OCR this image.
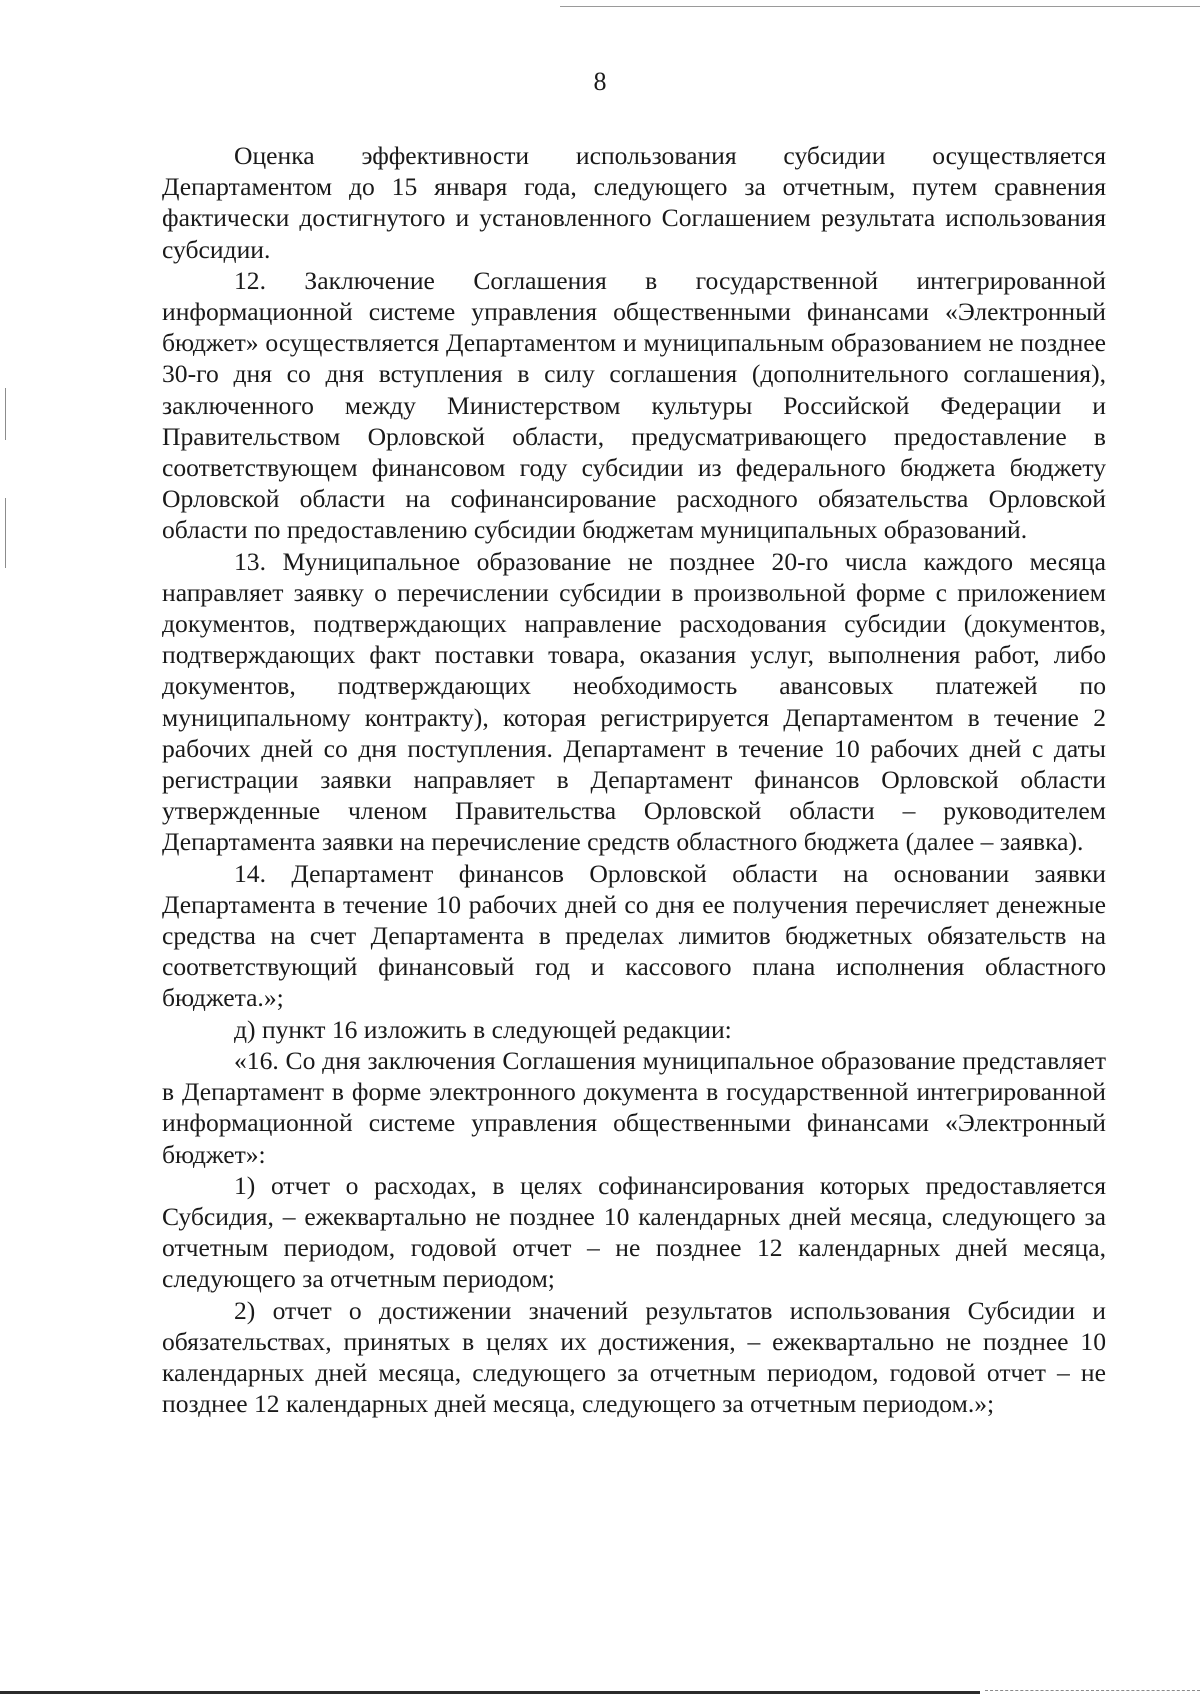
8

Оценка эффективности использования субсидии осуществляется Департаментом до 15 января года, следующего за отчетным, путем сравнения фактически достигнутого и установленного Соглашением результата использования субсидии.

12. Заключение Соглашения в государственной интегрированной информационной системе управления общественными финансами «Электронный бюджет» осуществляется Департаментом и муниципальным образованием не позднее 30-го дня со дня вступления в силу соглашения (дополнительного соглашения), заключенного между Министерством культуры Российской Федерации и Правительством Орловской области, предусматривающего предоставление в соответствующем финансовом году субсидии из федерального бюджета бюджету Орловской области на софинансирование расходного обязательства Орловской области по предоставлению субсидии бюджетам муниципальных образований.

13. Муниципальное образование не позднее 20-го числа каждого месяца направляет заявку о перечислении субсидии в произвольной форме с приложением документов, подтверждающих направление расходования субсидии (документов, подтверждающих факт поставки товара, оказания услуг, выполнения работ, либо документов, подтверждающих необходимость авансовых платежей по муниципальному контракту), которая регистрируется Департаментом в течение 2 рабочих дней со дня поступления. Департамент в течение 10 рабочих дней с даты регистрации заявки направляет в Департамент финансов Орловской области утвержденные членом Правительства Орловской области – руководителем Департамента заявки на перечисление средств областного бюджета (далее – заявка).

14. Департамент финансов Орловской области на основании заявки Департамента в течение 10 рабочих дней со дня ее получения перечисляет денежные средства на счет Департамента в пределах лимитов бюджетных обязательств на соответствующий финансовый год и кассового плана исполнения областного бюджета.»;

д) пункт 16 изложить в следующей редакции:

«16. Со дня заключения Соглашения муниципальное образование представляет в Департамент в форме электронного документа в государственной интегрированной информационной системе управления общественными финансами «Электронный бюджет»:

1) отчет о расходах, в целях софинансирования которых предоставляется Субсидия, – ежеквартально не позднее 10 календарных дней месяца, следующего за отчетным периодом, годовой отчет – не позднее 12 календарных дней месяца, следующего за отчетным периодом;

2) отчет о достижении значений результатов использования Субсидии и обязательствах, принятых в целях их достижения, – ежеквартально не позднее 10 календарных дней месяца, следующего за отчетным периодом, годовой отчет – не позднее 12 календарных дней месяца, следующего за отчетным периодом.»;
